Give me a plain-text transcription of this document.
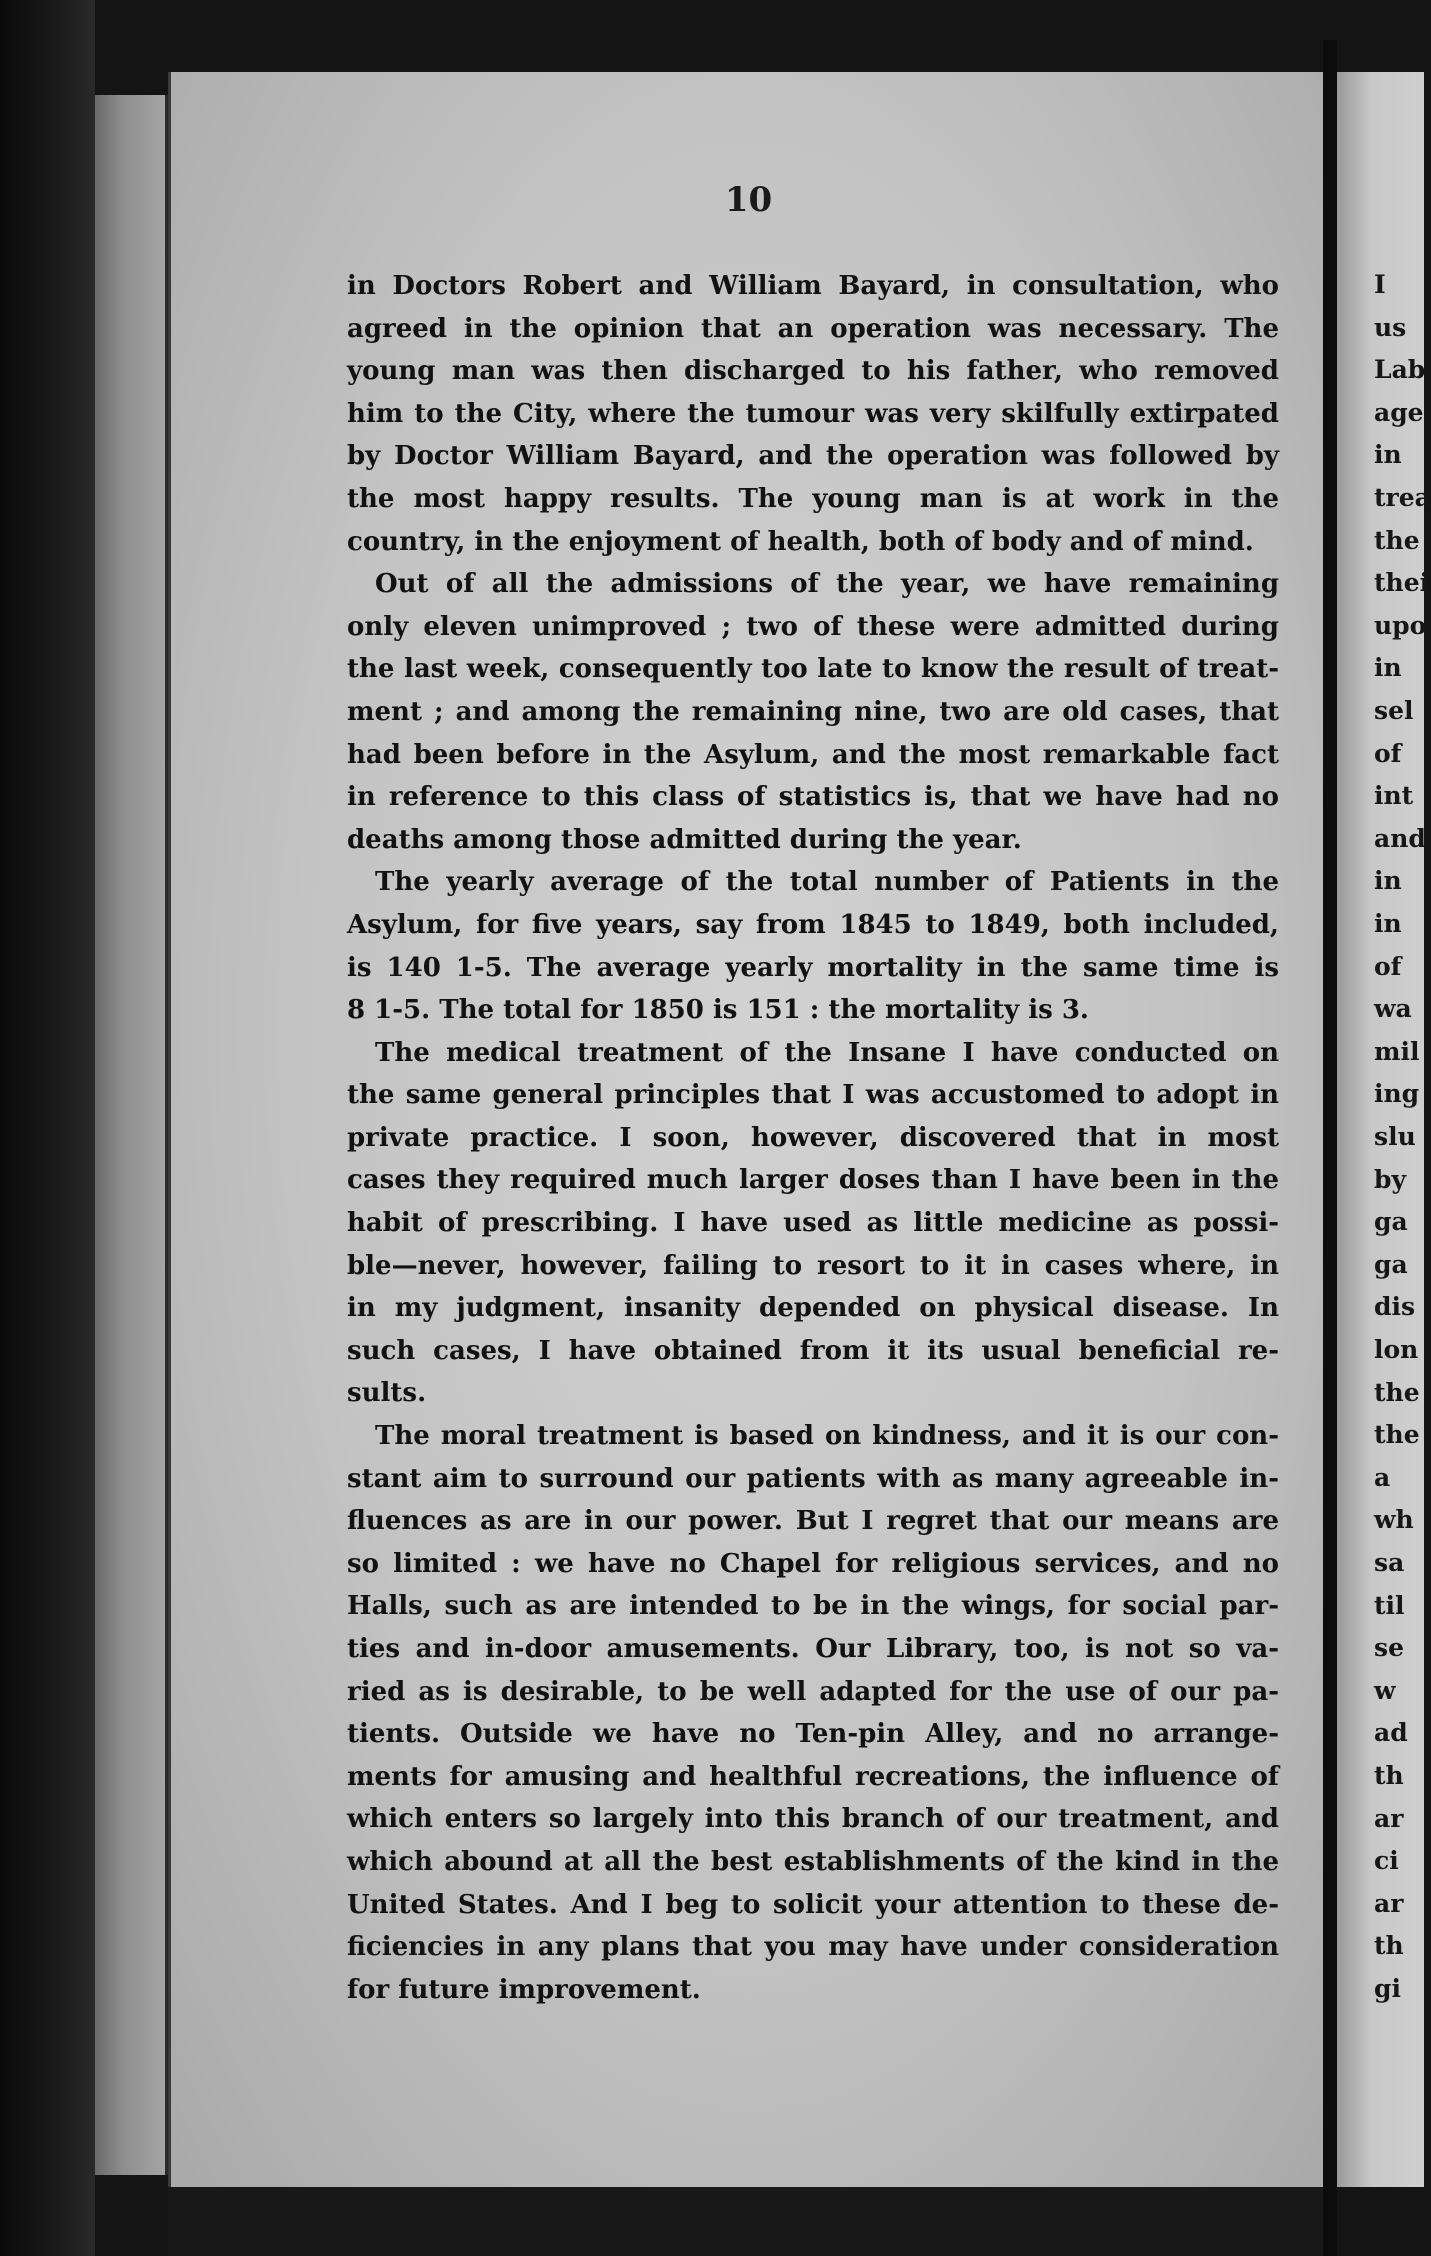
10
in Doctors Robert and William Bayard, in consultation, who
agreed in the opinion that an operation was necessary. The
young man was then discharged to his father, who removed
him to the City, where the tumour was very skilfully extirpated
by Doctor William Bayard, and the operation was followed by
the most happy results. The young man is at work in the
country, in the enjoyment of health, both of body and of mind.
Out of all the admissions of the year, we have remaining
only eleven unimproved ; two of these were admitted during
the last week, consequently too late to know the result of treat-
ment ; and among the remaining nine, two are old cases, that
had been before in the Asylum, and the most remarkable fact
in reference to this class of statistics is, that we have had no
deaths among those admitted during the year.
The yearly average of the total number of Patients in the
Asylum, for five years, say from 1845 to 1849, both included,
is 140 1-5. The average yearly mortality in the same time is
8 1-5. The total for 1850 is 151 : the mortality is 3.
The medical treatment of the Insane I have conducted on
the same general principles that I was accustomed to adopt in
private practice. I soon, however, discovered that in most
cases they required much larger doses than I have been in the
habit of prescribing. I have used as little medicine as possi-
ble—never, however, failing to resort to it in cases where, in
in my judgment, insanity depended on physical disease. In
such cases, I have obtained from it its usual beneficial re-
sults.
The moral treatment is based on kindness, and it is our con-
stant aim to surround our patients with as many agreeable in-
fluences as are in our power. But I regret that our means are
so limited : we have no Chapel for religious services, and no
Halls, such as are intended to be in the wings, for social par-
ties and in-door amusements. Our Library, too, is not so va-
ried as is desirable, to be well adapted for the use of our pa-
tients. Outside we have no Ten-pin Alley, and no arrange-
ments for amusing and healthful recreations, the influence of
which enters so largely into this branch of our treatment, and
which abound at all the best establishments of the kind in the
United States. And I beg to solicit your attention to these de-
ficiencies in any plans that you may have under consideration
for future improvement.
I
us
Lab
age
in
trea
the
thei
upo
in
sel
of
int
and
in
in
of
wa
mil
ing
slu
by
ga
ga
dis
lon
the
the
a
wh
sa
til
se
w
ad
th
ar
ci
ar
th
gi
